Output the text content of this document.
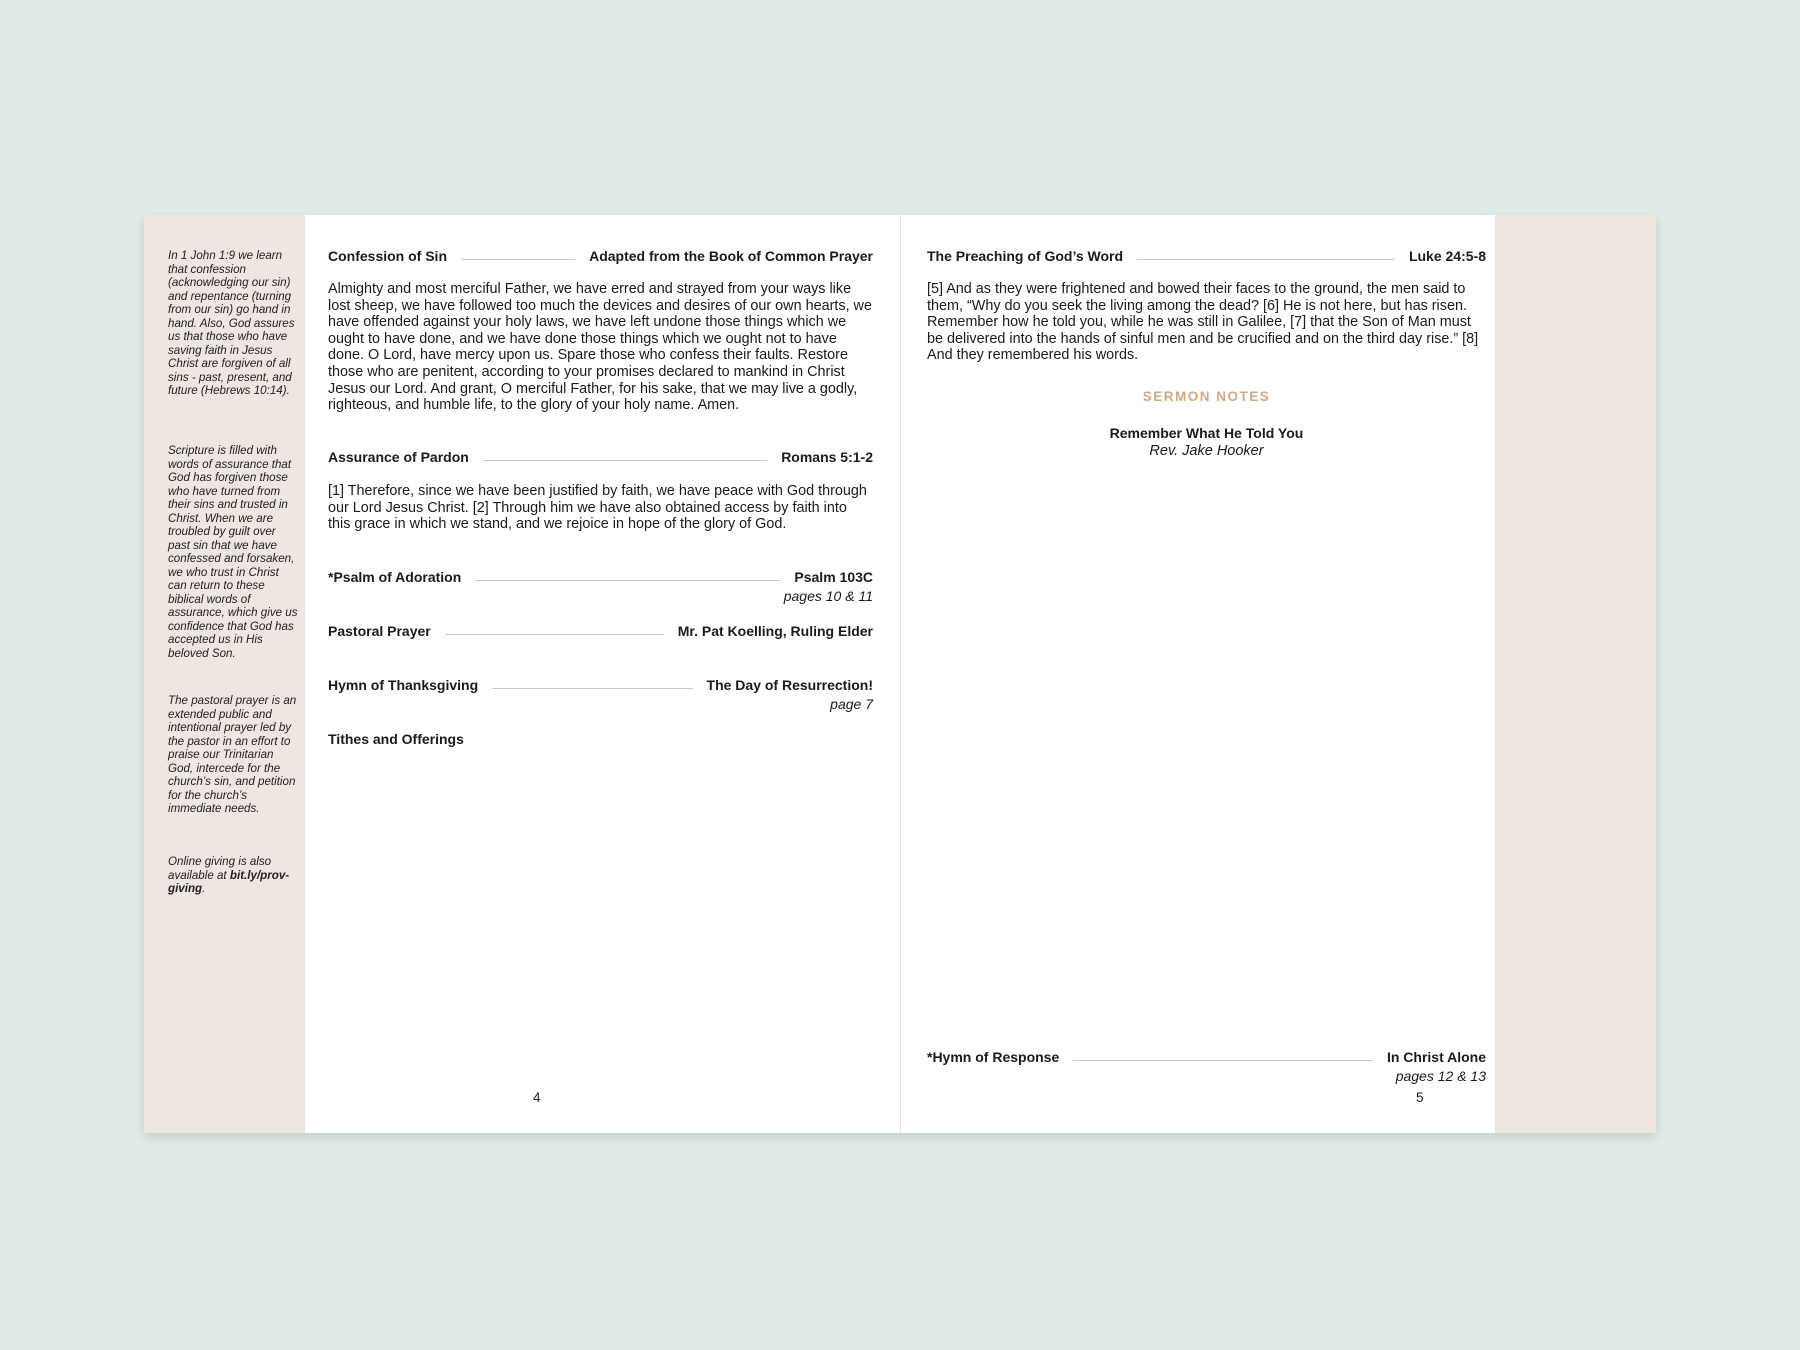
In 1 John 1:9 we learn that confession (acknowledging our sin) and repentance (turning from our sin) go hand in hand. Also, God assures us that those who have saving faith in Jesus Christ are forgiven of all sins - past, present, and future (Hebrews 10:14).

Scripture is filled with words of assurance that God has forgiven those who have turned from their sins and trusted in Christ. When we are troubled by guilt over past sin that we have confessed and forsaken, we who trust in Christ can return to these biblical words of assurance, which give us confidence that God has accepted us in His beloved Son.

The pastoral prayer is an extended public and intentional prayer led by the pastor in an effort to praise our Trinitarian God, intercede for the church’s sin, and petition for the church’s immediate needs.

Online giving is also available at bit.ly/prov-giving.

Confession of Sin	Adapted from the Book of Common Prayer

Almighty and most merciful Father, we have erred and strayed from your ways like lost sheep, we have followed too much the devices and desires of our own hearts, we have offended against your holy laws, we have left undone those things which we ought to have done, and we have done those things which we ought not to have done. O Lord, have mercy upon us. Spare those who confess their faults. Restore those who are penitent, according to your promises declared to mankind in Christ Jesus our Lord. And grant, O merciful Father, for his sake, that we may live a godly, righteous, and humble life, to the glory of your holy name. Amen.

Assurance of Pardon	Romans 5:1-2

[1] Therefore, since we have been justified by faith, we have peace with God through our Lord Jesus Christ. [2] Through him we have also obtained access by faith into this grace in which we stand, and we rejoice in hope of the glory of God.

*Psalm of Adoration	Psalm 103C
pages 10 & 11
Pastoral Prayer	Mr. Pat Koelling, Ruling Elder
Hymn of Thanksgiving	The Day of Resurrection!
page 7
Tithes and Offerings
4
The Preaching of God’s Word	Luke 24:5-8

[5] And as they were frightened and bowed their faces to the ground, the men said to them, “Why do you seek the living among the dead? [6] He is not here, but has risen. Remember how he told you, while he was still in Galilee, [7] that the Son of Man must be delivered into the hands of sinful men and be crucified and on the third day rise.” [8] And they remembered his words.

SERMON NOTES
Remember What He Told You
Rev. Jake Hooker
*Hymn of Response	In Christ Alone
pages 12 & 13
5
